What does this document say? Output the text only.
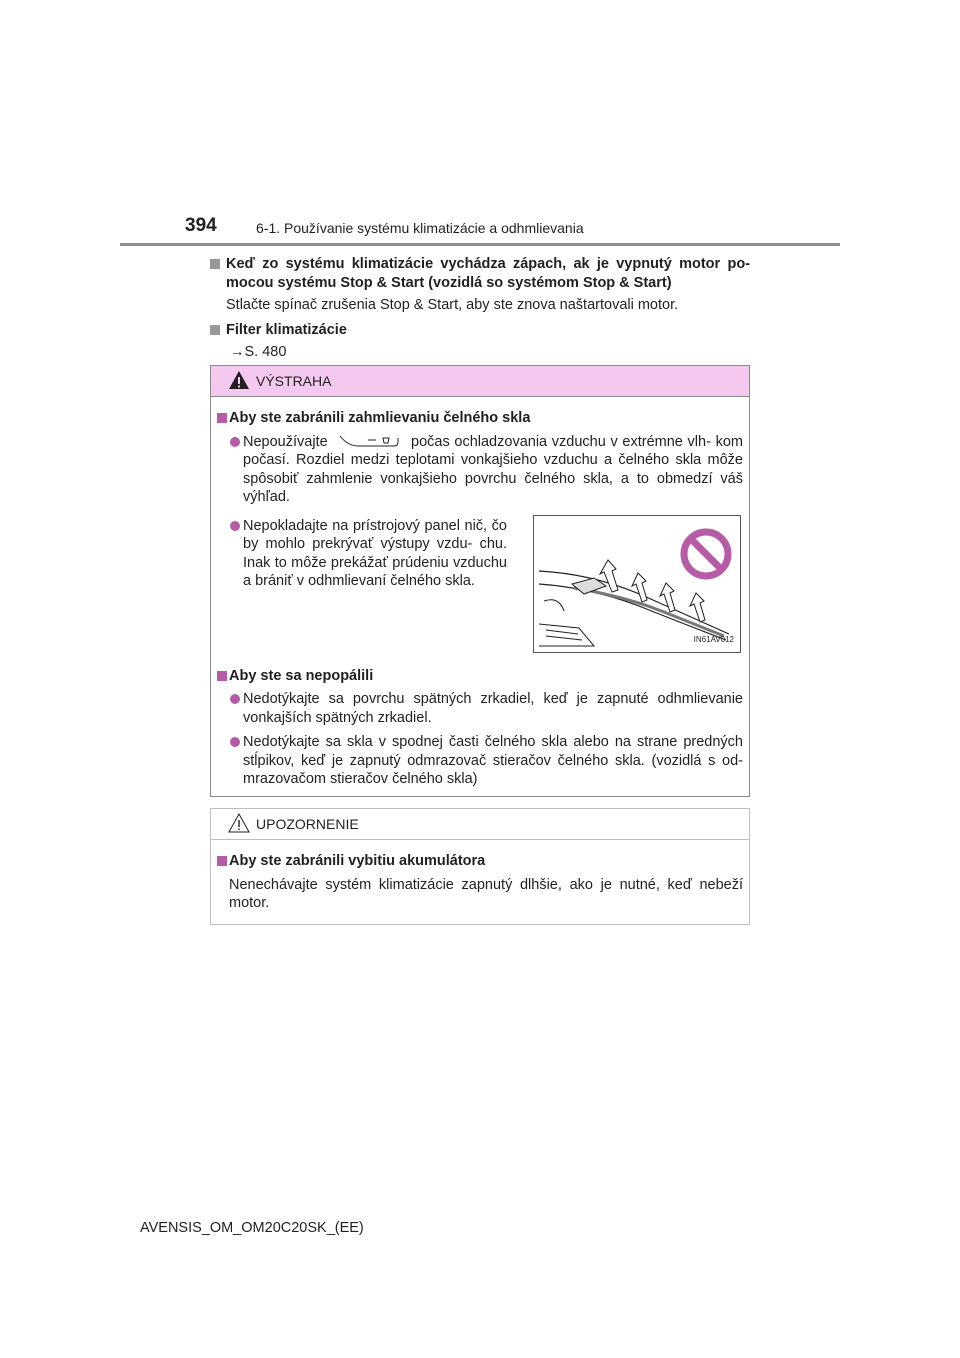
394	6-1. Používanie systému klimatizácie a odhmlievania
Keď zo systému klimatizácie vychádza zápach, ak je vypnutý motor po- mocou systému Stop & Start (vozidlá so systémom Stop & Start)
Stlačte spínač zrušenia Stop & Start, aby ste znova naštartovali motor.
Filter klimatizácie
→S. 480
VÝSTRAHA
Aby ste zabránili zahmlievaniu čelného skla
Nepoužívajte	počas ochladzovania vzduchu v extrémne vlh- kom počasí. Rozdiel medzi teplotami vonkajšieho vzduchu a čelného skla môže spôsobiť zahmlenie vonkajšieho povrchu čelného skla, a to obmedzí váš výhľad.
Nepokladajte na prístrojový panel nič, čo by mohlo prekrývať výstupy vzdu- chu. Inak to môže prekážať prúdeniu vzduchu a brániť v odhmlievaní čelného skla.
IN61AV012
Aby ste sa nepopálili
Nedotýkajte sa povrchu spätných zrkadiel, keď je zapnuté odhmlievanie vonkajších spätných zrkadiel.
Nedotýkajte sa skla v spodnej časti čelného skla alebo na strane predných stĺpikov, keď je zapnutý odmrazovač stieračov čelného skla. (vozidlá s od- mrazovačom stieračov čelného skla)
UPOZORNENIE
Aby ste zabránili vybitiu akumulátora
Nenechávajte systém klimatizácie zapnutý dlhšie, ako je nutné, keď nebeží motor.
AVENSIS_OM_OM20C20SK_(EE)
